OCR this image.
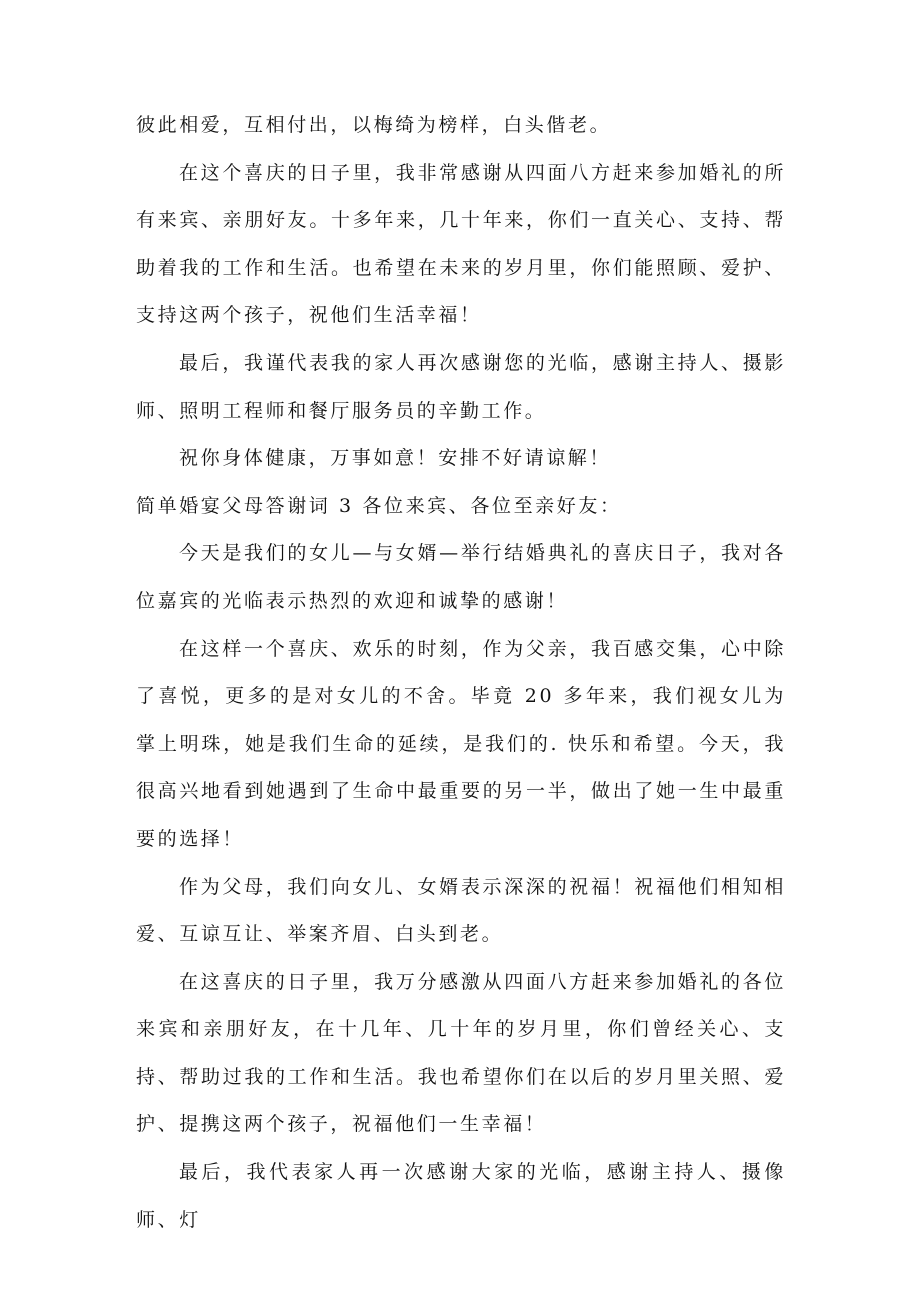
彼此相爱，互相付出，以梅绮为榜样，白头偕老。

在这个喜庆的日子里，我非常感谢从四面八方赶来参加婚礼的所有来宾、亲朋好友。十多年来，几十年来，你们一直关心、支持、帮助着我的工作和生活。也希望在未来的岁月里，你们能照顾、爱护、支持这两个孩子，祝他们生活幸福！

最后，我谨代表我的家人再次感谢您的光临，感谢主持人、摄影师、照明工程师和餐厅服务员的辛勤工作。

祝你身体健康，万事如意！安排不好请谅解！

简单婚宴父母答谢词 3 各位来宾、各位至亲好友：

今天是我们的女儿—与女婿—举行结婚典礼的喜庆日子，我对各位嘉宾的光临表示热烈的欢迎和诚挚的感谢！

在这样一个喜庆、欢乐的时刻，作为父亲，我百感交集，心中除了喜悦，更多的是对女儿的不舍。毕竟 20 多年来，我们视女儿为掌上明珠，她是我们生命的延续，是我们的. 快乐和希望。今天，我很高兴地看到她遇到了生命中最重要的另一半，做出了她一生中最重要的选择！

作为父母，我们向女儿、女婿表示深深的祝福！祝福他们相知相爱、互谅互让、举案齐眉、白头到老。

在这喜庆的日子里，我万分感激从四面八方赶来参加婚礼的各位来宾和亲朋好友，在十几年、几十年的岁月里，你们曾经关心、支持、帮助过我的工作和生活。我也希望你们在以后的岁月里关照、爱护、提携这两个孩子，祝福他们一生幸福！

最后，我代表家人再一次感谢大家的光临，感谢主持人、摄像师、灯
